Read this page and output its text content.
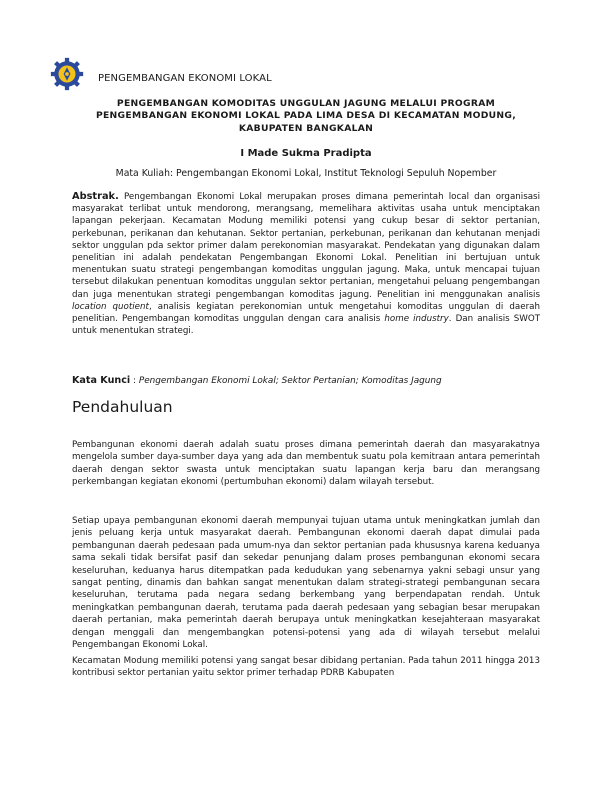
PENGEMBANGAN EKONOMI LOKAL
PENGEMBANGAN KOMODITAS UNGGULAN JAGUNG MELALUI PROGRAM
PENGEMBANGAN EKONOMI LOKAL PADA LIMA DESA DI KECAMATAN MODUNG,
KABUPATEN BANGKALAN
I Made Sukma Pradipta
Mata Kuliah: Pengembangan Ekonomi Lokal, Institut Teknologi Sepuluh Nopember

Abstrak. Pengembangan Ekonomi Lokal merupakan proses dimana pemerintah local dan organisasi masyarakat terlibat untuk mendorong, merangsang, memelihara aktivitas usaha untuk menciptakan lapangan pekerjaan. Kecamatan Modung memiliki potensi yang cukup besar di sektor pertanian, perkebunan, perikanan dan kehutanan. Sektor pertanian, perkebunan, perikanan dan kehutanan menjadi sektor unggulan pda sektor primer dalam perekonomian masyarakat. Pendekatan yang digunakan dalam penelitian ini adalah pendekatan Pengembangan Ekonomi Lokal. Penelitian ini bertujuan untuk menentukan suatu strategi pengembangan komoditas unggulan jagung. Maka, untuk mencapai tujuan tersebut dilakukan penentuan komoditas unggulan sektor pertanian, mengetahui peluang pengembangan dan juga menentukan strategi pengembangan komoditas jagung. Penelitian ini menggunakan analisis location quotient, analisis kegiatan perekonomian untuk mengetahui komoditas unggulan di daerah penelitian. Pengembangan komoditas unggulan dengan cara analisis home industry. Dan analisis SWOT untuk menentukan strategi.

Kata Kunci : Pengembangan Ekonomi Lokal; Sektor Pertanian; Komoditas Jagung

Pendahuluan

Pembangunan ekonomi daerah adalah suatu proses dimana pemerintah daerah dan masyarakatnya mengelola sumber daya-sumber daya yang ada dan membentuk suatu pola kemitraan antara pemerintah daerah dengan sektor swasta untuk menciptakan suatu lapangan kerja baru dan merangsang perkembangan kegiatan ekonomi (pertumbuhan ekonomi) dalam wilayah tersebut.

Setiap upaya pembangunan ekonomi daerah mempunyai tujuan utama untuk meningkatkan jumlah dan jenis peluang kerja untuk masyarakat daerah. Pembangunan ekonomi daerah dapat dimulai pada pembangunan daerah pedesaan pada umum-nya dan sektor pertanian pada khususnya karena keduanya sama sekali tidak bersifat pasif dan sekedar penunjang dalam proses pembangunan ekonomi secara keseluruhan, keduanya harus ditempatkan pada kedudukan yang sebenarnya yakni sebagi unsur yang sangat penting, dinamis dan bahkan sangat menentukan dalam strategi-strategi pembangunan secara keseluruhan, terutama pada negara sedang berkembang yang berpendapatan rendah. Untuk meningkatkan pembangunan daerah, terutama pada daerah pedesaan yang sebagian besar merupakan daerah pertanian, maka pemerintah daerah berupaya untuk meningkatkan kesejahteraan masyarakat dengan menggali dan mengembangkan potensi-potensi yang ada di wilayah tersebut melalui Pengembangan Ekonomi Lokal.

Kecamatan Modung memiliki potensi yang sangat besar dibidang pertanian. Pada tahun 2011 hingga 2013 kontribusi sektor pertanian yaitu sektor primer terhadap PDRB Kabupaten
